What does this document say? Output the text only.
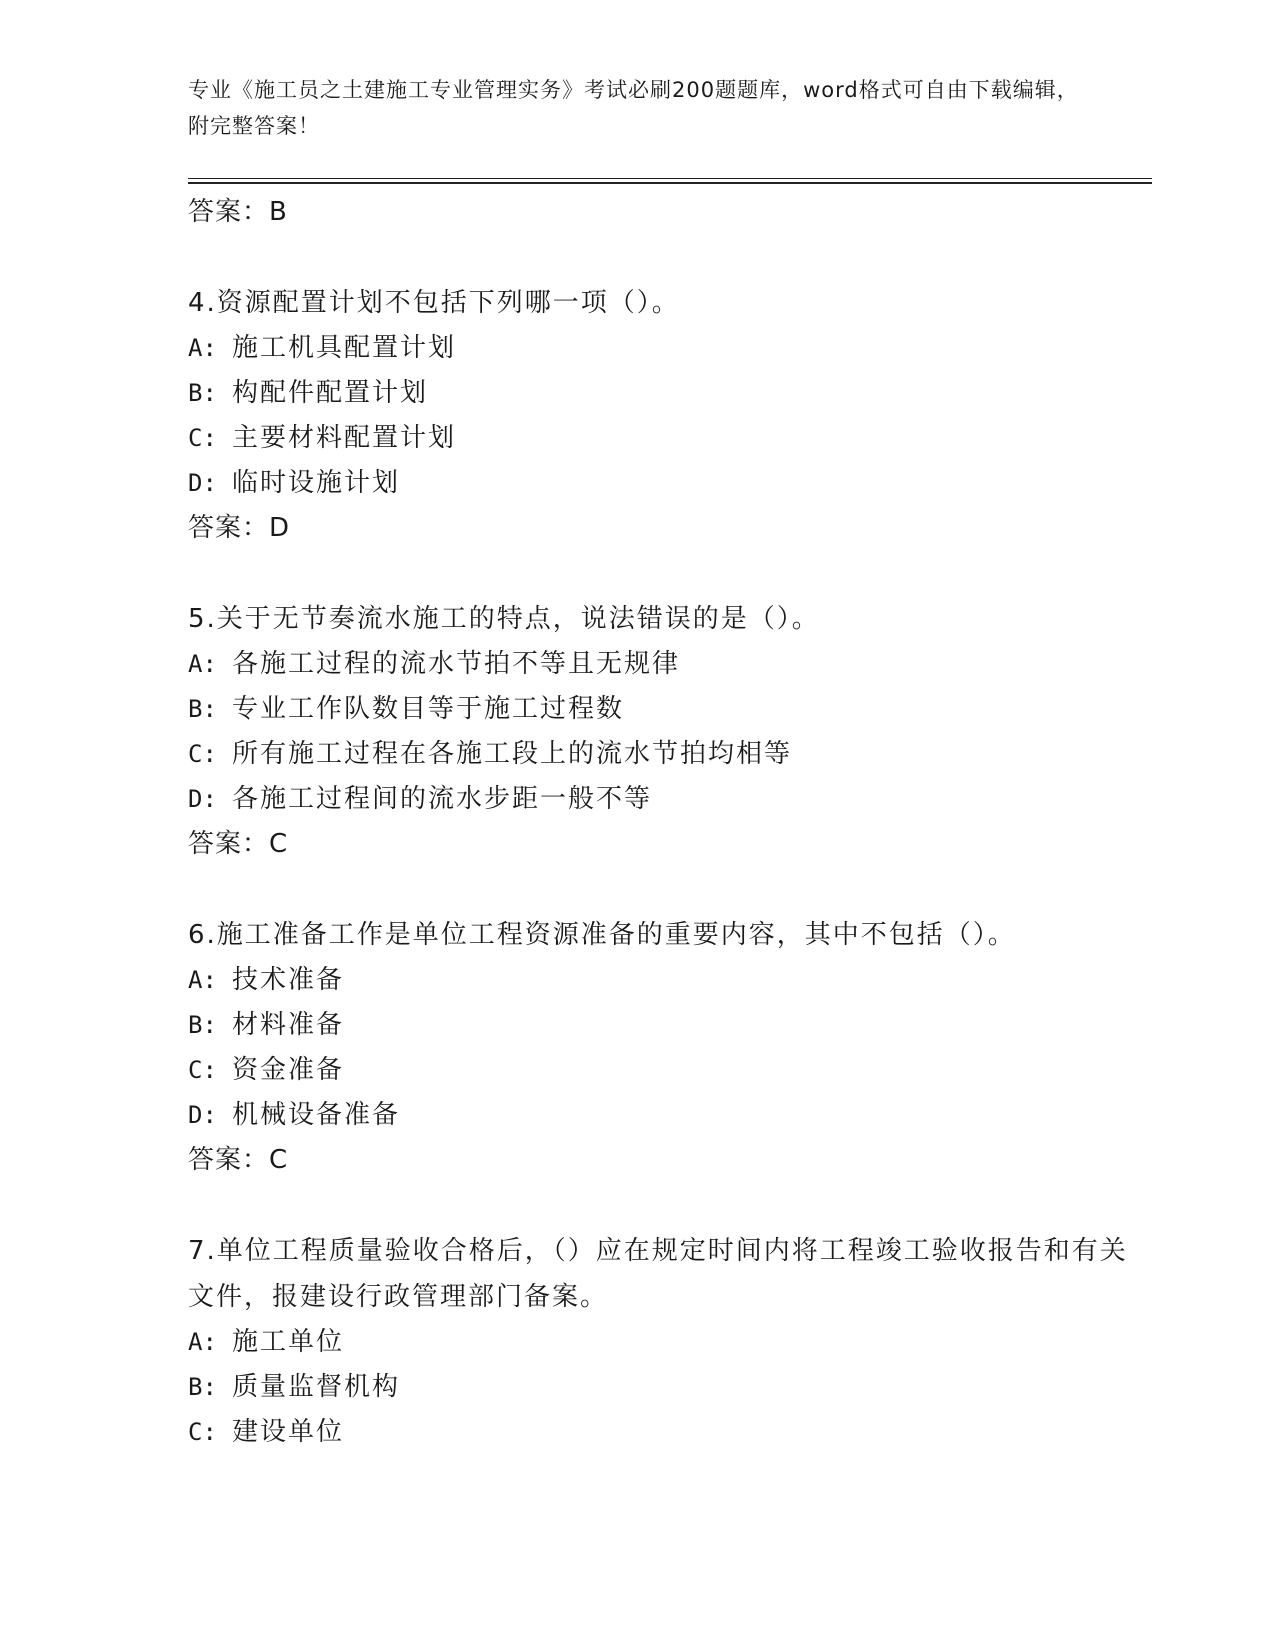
专业《施工员之土建施工专业管理实务》考试必刷200题题库，word格式可自由下载编辑，附完整答案！
答案：B
4.资源配置计划不包括下列哪一项（）。
A: 施工机具配置计划
B: 构配件配置计划
C: 主要材料配置计划
D: 临时设施计划
答案：D
5.关于无节奏流水施工的特点，说法错误的是（）。
A: 各施工过程的流水节拍不等且无规律
B: 专业工作队数目等于施工过程数
C: 所有施工过程在各施工段上的流水节拍均相等
D: 各施工过程间的流水步距一般不等
答案：C
6.施工准备工作是单位工程资源准备的重要内容，其中不包括（）。
A: 技术准备
B: 材料准备
C: 资金准备
D: 机械设备准备
答案：C
7.单位工程质量验收合格后，（）应在规定时间内将工程竣工验收报告和有关文件，报建设行政管理部门备案。
A: 施工单位
B: 质量监督机构
C: 建设单位
